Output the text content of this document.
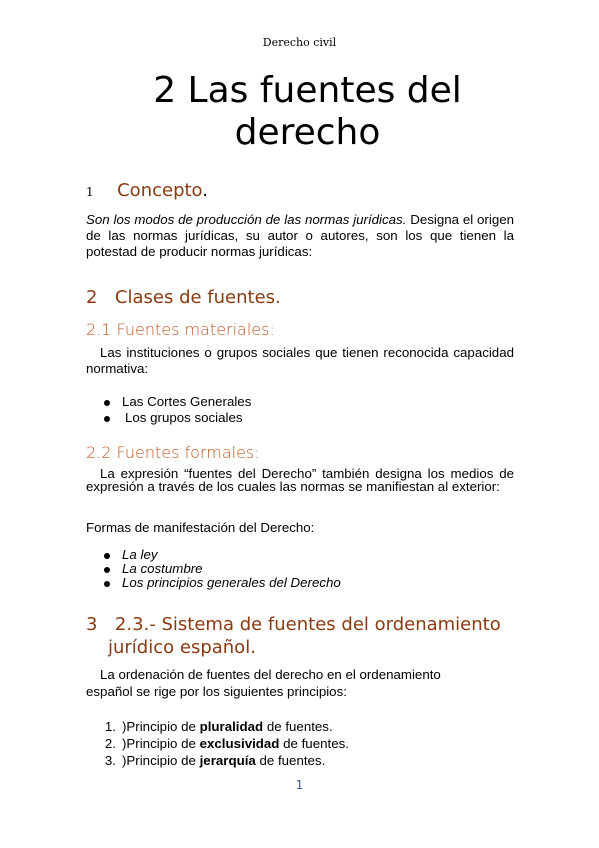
Derecho civil
2 Las fuentes del derecho
1 Concepto.
Son los modos de producción de las normas jurídicas. Designa el origen de las normas jurídicas, su autor o autores, son los que tienen la potestad de producir normas jurídicas:
2 Clases de fuentes.
2.1 Fuentes materiales:
Las instituciones o grupos sociales que tienen reconocida capacidad normativa:
Las Cortes Generales
Los grupos sociales
2.2 Fuentes formales:
La expresión “fuentes del Derecho” también designa los medios de expresión a través de los cuales las normas se manifiestan al exterior:
Formas de manifestación del Derecho:
La ley
La costumbre
Los principios generales del Derecho
3 2.3.- Sistema de fuentes del ordenamiento
jurídico español.
La ordenación de fuentes del derecho en el ordenamiento
español se rige por los siguientes principios:
1. )Principio de pluralidad de fuentes.
2. )Principio de exclusividad de fuentes.
3. )Principio de jerarquía de fuentes.
1
